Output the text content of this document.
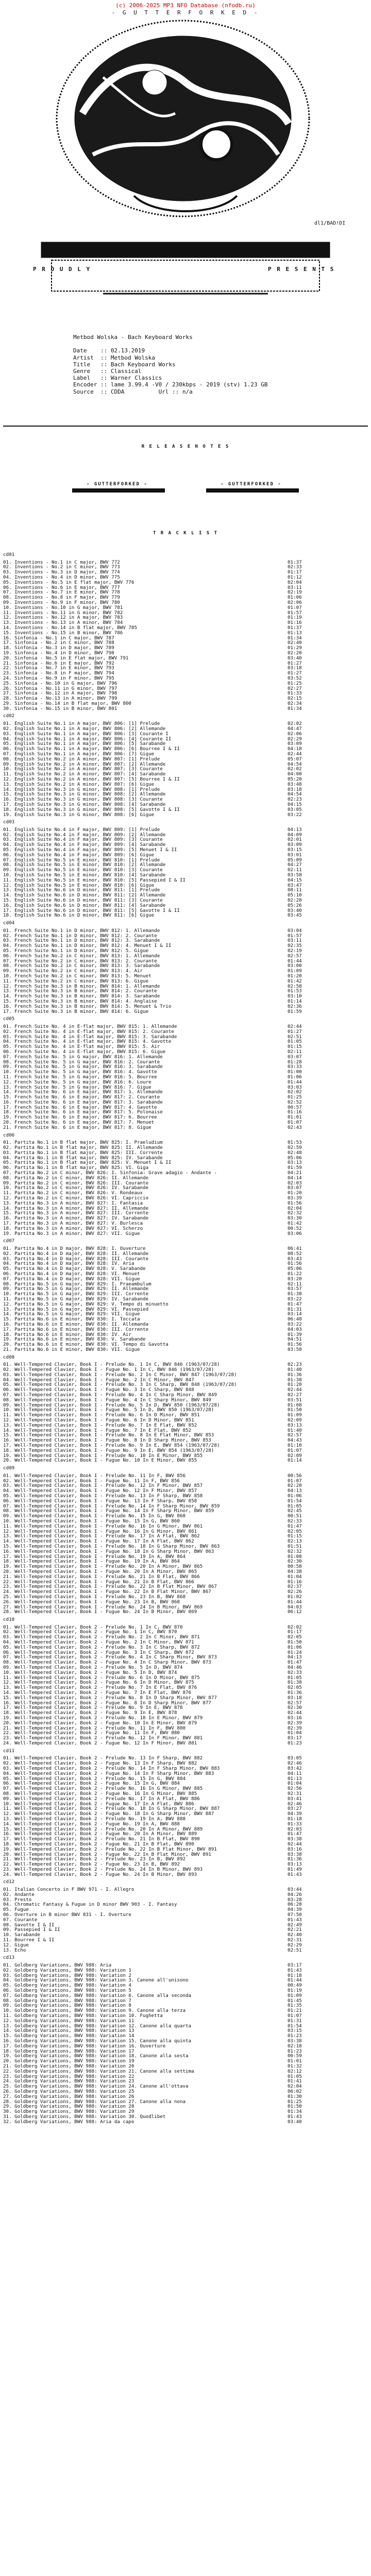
(c) 2006-2025 MP3 NFO Database (nfodb.ru)
- G U T T E R F O R K E D -
dl1/BAD!DI
P R O U D L Y	P R E S E N T S
Metbod Wolska - Bach Keyboard Works

Date    :: 02.13.2019
Artist  :: Metbod Wolska
Title   :: Bach Keyboard Works
Genre   :: Classical
Label   :: Warner Classics
Encoder :: lame 3.99.4 -V0 / 230kbps - 2019 (stv) 1.23 GB
Source  :: CDDA          Url :: n/a
R E L E A S E N O T E S
- GUTTERFORKED -	- GUTTERFORKED -
T R A C K L I S T
cd01
01. Inventions - No.1 in C major, BWV 772	01:37
02. Inventions - No.2 in C minor, BWV 773	02:33
03. Inventions - No.3 in D major, BWV 774	01:17
04. Inventions - No.4 in D minor, BWV 775	01:12
05. Inventions - No.5 in E flat major, BWV 776	02:04
06. Inventions - No.6 in E major, BWV 777	03:11
07. Inventions - No.7 in E minor, BWV 778	02:19
08. Inventions - No.8 in F major, BWV 779	01:06
09. Inventions - No.9 in F minor, BWV 780	02:06
10. Inventions - No.10 in G major, BWV 781	01:07
11. Inventions - No.11 in G minor, BWV 782	01:57
12. Inventions - No.12 in A major, BWV 783	01:19
13. Inventions - No.13 in A minor, BWV 784	01:16
14. Inventions - No.14 in B flat major, BWV 785	01:37
15. Inventions - No.15 in B minor, BWV 786	01:13
16. Sinfonia - No.1 in C major, BWV 787	01:34
17. Sinfonia - No.2 in C minor, BWV 788	02:40
18. Sinfonia - No.3 in D major, BWV 789	01:29
19. Sinfonia - No.4 in D minor, BWV 790	02:20
20. Sinfonia - No.5 in E flat major, BWV 791	03:40
21. Sinfonia - No.6 in E major, BWV 792	01:27
22. Sinfonia - No.7 in E minor, BWV 793	03:18
23. Sinfonia - No.8 in F major, BWV 794	01:27
24. Sinfonia - No.9 in F minor, BWV 795	03:52
25. Sinfonia - No.10 in G major, BWV 796	01:25
26. Sinfonia - No.11 in G minor, BWV 797	02:27
27. Sinfonia - No.12 in A major, BWV 798	01:33
28. Sinfonia - No.13 in A minor, BWV 799	02:15
29. Sinfonia - No.14 in B flat major, BWV 800	02:34
30. Sinfonia - No.15 in B minor, BWV 801	01:34
cd02
01. English Suite No.1 in A major, BWV 806: [1] Prelude	02:02
02. English Suite No.1 in A major, BWV 806: [2] Allemande	04:47
03. English Suite No.1 in A major, BWV 806: [3] Courante I	02:06
04. English Suite No.1 in A major, BWV 806: [4] Courante II	02:29
05. English Suite No.1 in A major, BWV 806: [5] Sarabande	03:09
06. English Suite No.1 in A major, BWV 806: [6] Bourree I & II	04:18
07. English Suite No.1 in A major, BWV 806: [7] Gigue	02:44
08. English Suite No.2 in A minor, BWV 807: [1] Prelude	05:07
09. English Suite No.2 in A minor, BWV 807: [2] Allemande	04:54
10. English Suite No.2 in A minor, BWV 807: [3] Courante	02:02
11. English Suite No.2 in A minor, BWV 807: [4] Sarabande	04:00
12. English Suite No.2 in A minor, BWV 807: [5] Bourree I & II	05:20
13. English Suite No.2 in A minor, BWV 807: [6] Gigue	03:48
14. English Suite No.3 in G minor, BWV 808: [1] Prelude	03:18
15. English Suite No.3 in G minor, BWV 808: [2] Allemande	04:54
16. English Suite No.3 in G minor, BWV 808: [3] Courante	02:23
17. English Suite No.3 in G minor, BWV 808: [4] Sarabande	04:15
18. English Suite No.3 in G minor, BWV 808: [5] Gavotte I & II	03:05
19. English Suite No.3 in G minor, BWV 808: [6] Gigue	03:22
cd03
01. English Suite No.4 in F major, BWV 809: [1] Prelude	04:13
02. English Suite No.4 in F major, BWV 809: [2] Allemande	04:09
03. English Suite No.4 in F major, BWV 809: [3] Courante	02:01
04. English Suite No.4 in F major, BWV 809: [4] Sarabande	03:09
05. English Suite No.4 in F major, BWV 809: [5] Menuet I & II	03:15
06. English Suite No.4 in F major, BWV 809: [6] Gigue	03:01
07. English Suite No.5 in E minor, BWV 810: [1] Prelude	05:09
08. English Suite No.5 in E minor, BWV 810: [2] Allemande	04:27
09. English Suite No.5 in E minor, BWV 810: [3] Courante	02:11
10. English Suite No.5 in E minor, BWV 810: [4] Sarabande	03:58
11. English Suite No.5 in E minor, BWV 810: [5] Passepied I & II	04:15
12. English Suite No.5 in E minor, BWV 810: [6] Gigue	03:47
13. English Suite No.6 in D minor, BWV 811: [1] Prelude	08:11
14. English Suite No.6 in D minor, BWV 811: [2] Allemande	05:10
15. English Suite No.6 in D minor, BWV 811: [3] Courante	02:28
16. English Suite No.6 in D minor, BWV 811: [4] Sarabande	05:26
17. English Suite No.6 in D minor, BWV 811: [5] Gavotte I & II	03:40
18. English Suite No.6 in D minor, BWV 811: [6] Gigue	03:45
cd04
01. French Suite No.1 in D minor, BWV 812: 1. Allemande	03:04
02. French Suite No.1 in D minor, BWV 812: 2. Courante	01:57
03. French Suite No.1 in D minor, BWV 812: 3. Sarabande	03:11
04. French Suite No.1 in D minor, BWV 812: 4. Menuet I & II	02:35
05. French Suite No.1 in D minor, BWV 812: 5. Gigue	02:19
06. French Suite No.2 in C minor, BWV 813: 1. Allemande	02:57
07. French Suite No.2 in C minor, BWV 813: 2. Courante	01:44
08. French Suite No.2 in C minor, BWV 813: 3. Sarabande	03:00
09. French Suite No.2 in C minor, BWV 813: 4. Air	01:09
10. French Suite No.2 in C minor, BWV 813: 5. Menuet	01:20
11. French Suite No.2 in C minor, BWV 813: 6. Gigue	01:42
12. French Suite No.3 in B minor, BWV 814: 1. Allemande	02:58
13. French Suite No.3 in B minor, BWV 814: 2. Courante	01:53
14. French Suite No.3 in B minor, BWV 814: 3. Sarabande	03:10
15. French Suite No.3 in B minor, BWV 814: 4. Anglaise	01:14
16. French Suite No.3 in B minor, BWV 814: 5. Menuet & Trio	02:36
17. French Suite No.3 in B minor, BWV 814: 6. Gigue	01:59
cd05
01. French Suite No. 4 in E-flat major, BWV 815: 1. Allemande	02:44
02. French Suite No. 4 in E-flat major, BWV 815: 2. Courante	01:27
03. French Suite No. 4 in E-flat major, BWV 815: 3. Sarabande	02:51
04. French Suite No. 4 in E-flat major, BWV 815: 4. Gavotte	01:05
05. French Suite No. 4 in E-flat major, BWV 815: 5. Air	01:15
06. French Suite No. 4 in E-flat major, BWV 815: 6. Gigue	02:11
07. French Suite No. 5 in G major, BWV 816: 1. Allemande	03:07
08. French Suite No. 5 in G major, BWV 816: 2. Courante	01:28
09. French Suite No. 5 in G major, BWV 816: 3. Sarabande	03:33
10. French Suite No. 5 in G major, BWV 816: 4. Gavotte	01:00
11. French Suite No. 5 in G major, BWV 816: 5. Bourree	01:06
12. French Suite No. 5 in G major, BWV 816: 6. Loure	01:44
13. French Suite No. 5 in G major, BWV 816: 7. Gigue	03:03
14. French Suite No. 6 in E major, BWV 817: 1. Allemande	02:02
15. French Suite No. 6 in E major, BWV 817: 2. Courante	01:25
16. French Suite No. 6 in E major, BWV 817: 3. Sarabande	02:52
17. French Suite No. 6 in E major, BWV 817: 4. Gavotte	00:57
18. French Suite No. 6 in E major, BWV 817: 5. Polonaise	01:16
19. French Suite No. 6 in E major, BWV 817: 6. Bourree	01:01
20. French Suite No. 6 in E major, BWV 817: 7. Menuet	01:07
21. French Suite No. 6 in E major, BWV 817: 8. Gigue	02:43
cd06
01. Partita No.1 in B flat major, BWV 825: I. Praeludium	01:53
02. Partita No.1 in B flat major, BWV 825: II. Allemande	02:59
03. Partita No.1 in B flat major, BWV 825: III. Corrente	02:48
04. Partita No.1 in B flat major, BWV 825: IV. Sarabande	05:06
05. Partita No.1 in B flat major, BWV 825: V. Menuet I & II	03:13
06. Partita No.1 in B flat major, BWV 825: VI. Giga	01:59
07. Partita No.2 in C minor, BWV 826: I. Sinfonia: Grave adagio - Andante -	04:21
08. Partita No.2 in C minor, BWV 826: II. Allemande	04:14
09. Partita No.2 in C minor, BWV 826: III. Courante	02:03
10. Partita No.2 in C minor, BWV 826: IV. Sarabande	03:07
11. Partita No.2 in C minor, BWV 826: V. Rondeaux	01:20
12. Partita No.2 in C minor, BWV 826: VI. Capriccio	03:39
13. Partita No.3 in A minor, BWV 827: I. Fantasia	01:56
14. Partita No.3 in A minor, BWV 827: II. Allemande	02:04
15. Partita No.3 in A minor, BWV 827: III. Corrente	02:32
16. Partita No.3 in A minor, BWV 827: IV. Sarabande	03:30
17. Partita No.3 in A minor, BWV 827: V. Burlesca	01:42
18. Partita No.3 in A minor, BWV 827: VI. Scherzo	00:52
19. Partita No.3 in A minor, BWV 827: VII. Gigue	03:06
cd07
01. Partita No.4 in D major, BWV 828: I. Ouverture	06:41
02. Partita No.4 in D major, BWV 828: II. Allemande	08:52
03. Partita No.4 in D major, BWV 828: III. Courante	03:43
04. Partita No.4 in D major, BWV 828: IV. Aria	01:56
05. Partita No.4 in D major, BWV 828: V. Sarabande	05:06
06. Partita No.4 in D major, BWV 828: VI. Menuet	01:22
07. Partita No.4 in D major, BWV 828: VII. Gigue	03:20
08. Partita No.5 in G major, BWV 829: I. Praeambulum	02:11
09. Partita No.5 in G major, BWV 829: II. Allemande	03:57
10. Partita No.5 in G major, BWV 829: III. Corrente	01:38
11. Partita No.5 in G major, BWV 829: IV. Sarabande	03:22
12. Partita No.5 in G major, BWV 829: V. Tempo di minuetto	01:47
13. Partita No.5 in G major, BWV 829: VI. Passepied	01:31
14. Partita No.5 in G major, BWV 829: VII. Gigue	03:14
15. Partita No.6 in E minor, BWV 830: I. Toccata	06:48
16. Partita No.6 in E minor, BWV 830: II. Allemanda	03:22
17. Partita No.6 in E minor, BWV 830: III. Corrente	04:03
18. Partita No.6 in E minor, BWV 830: IV. Air	01:39
19. Partita No.6 in E minor, BWV 830: V. Sarabande	04:51
20. Partita No.6 in E minor, BWV 830: VI. Tempo di Gavotta	01:56
21. Partita No.6 in E minor, BWV 830: VII. Gigue	03:58
cd08
01. Well-Tempered Clavier, Book I - Prelude No. 1 In C, BWV 846 (1963/07/28)	02:23
02. Well-Tempered Clavier, Book I - Fugue No. 1 In C, BWV 846 (1963/07/28)	01:40
03. Well-Tempered Clavier, Book I - Prelude No. 2 In C Minor, BWV 847 (1963/07/28)	01:36
04. Well-Tempered Clavier, Book I - Fugue No. 2 In C Minor, BWV 847	01:38
05. Well-Tempered Clavier, Book I - Prelude No. 3 In C Sharp, BWV 848 (1963/07/28)	01:20
06. Well-Tempered Clavier, Book I - Fugue No. 3 In C Sharp, BWV 848	02:44
07. Well-Tempered Clavier, Book I - Prelude No. 4 In C Sharp Minor, BWV 849	02:27
08. Well-Tempered Clavier, Book I - Fugue No. 4 In C Sharp Minor, BWV 849	03:51
09. Well-Tempered Clavier, Book I - Prelude No. 5 In D, BWV 850 (1963/07/28)	01:08
10. Well-Tempered Clavier, Book I - Fugue No. 5 In D, BWV 850 (1963/07/28)	01:50
11. Well-Tempered Clavier, Book I - Prelude No. 6 In D Minor, BWV 851	01:09
12. Well-Tempered Clavier, Book I - Fugue No. 6 In D Minor, BWV 851	02:09
13. Well-Tempered Clavier, Book I - Prelude No. 7 In E Flat, BWV 852	03:13
14. Well-Tempered Clavier, Book I - Fugue No. 7 In E Flat, BWV 852	01:40
15. Well-Tempered Clavier, Book I - Prelude No. 8 In E Flat Minor, BWV 853	02:57
16. Well-Tempered Clavier, Book I - Fugue No. 8 In D Sharp Minor, BWV 853	04:43
17. Well-Tempered Clavier, Book I - Prelude No. 9 In E, BWV 854 (1963/07/28)	01:10
18. Well-Tempered Clavier, Book I - Fugue No. 9 In E, BWV 854 (1963/07/28)	01:07
19. Well-Tempered Clavier, Book I - Prelude No. 10 In E Minor, BWV 855	02:09
20. Well-Tempered Clavier, Book I - Fugue No. 10 In E Minor, BWV 855	01:14
cd09
01. Well-Tempered Clavier, Book I - Prelude No. 11 In F, BWV 856	00:56
02. Well-Tempered Clavier, Book I - Fugue No. 11 In F, BWV 856	01:07
03. Well-Tempered Clavier, Book I - Prelude No. 12 In F Minor, BWV 857	02:20
04. Well-Tempered Clavier, Book I - Fugue No. 12 In F Minor, BWV 857	04:13
05. Well-Tempered Clavier, Book I - Prelude No. 13 In F Sharp, BWV 858	01:06
06. Well-Tempered Clavier, Book I - Fugue No. 13 In F Sharp, BWV 858	01:54
07. Well-Tempered Clavier, Book I - Prelude No. 14 In F Sharp Minor, BWV 859	01:05
08. Well-Tempered Clavier, Book I - Fugue No. 14 In F Sharp Minor, BWV 859	02:45
09. Well-Tempered Clavier, Book I - Prelude No. 15 In G, BWV 860	00:51
10. Well-Tempered Clavier, Book I - Fugue No. 15 In G, BWV 860	02:33
11. Well-Tempered Clavier, Book I - Prelude No. 16 In G Minor, BWV 861	01:47
12. Well-Tempered Clavier, Book I - Fugue No. 16 In G Minor, BWV 861	02:05
13. Well-Tempered Clavier, Book I - Prelude No. 17 In A Flat, BWV 862	01:15
14. Well-Tempered Clavier, Book I - Fugue No. 17 In A Flat, BWV 862	02:13
15. Well-Tempered Clavier, Book I - Prelude No. 18 In G Sharp Minor, BWV 863	01:51
16. Well-Tempered Clavier, Book I - Fugue No. 18 In G Sharp Minor, BWV 863	02:32
17. Well-Tempered Clavier, Book I - Prelude No. 19 In A, BWV 864	01:08
18. Well-Tempered Clavier, Book I - Fugue No. 19 In A, BWV 864	02:30
19. Well-Tempered Clavier, Book I - Prelude No. 20 In A Minor, BWV 865	00:58
20. Well-Tempered Clavier, Book I - Fugue No. 20 In A Minor, BWV 865	04:38
21. Well-Tempered Clavier, Book I - Prelude No. 21 In B Flat, BWV 866	01:04
22. Well-Tempered Clavier, Book I - Fugue No. 21 In B Flat, BWV 866	01:16
23. Well-Tempered Clavier, Book I - Prelude No. 22 In B Flat Minor, BWV 867	02:37
24. Well-Tempered Clavier, Book I - Fugue No. 22 In B Flat Minor, BWV 867	02:26
25. Well-Tempered Clavier, Book I - Prelude No. 23 In B, BWV 868	01:02
26. Well-Tempered Clavier, Book I - Fugue No. 23 In B, BWV 868	01:44
27. Well-Tempered Clavier, Book I - Prelude No. 24 In B Minor, BWV 869	04:03
28. Well-Tempered Clavier, Book I - Fugue No. 24 In B Minor, BWV 869	06:12
cd10
01. Well-Tempered Clavier, Book 2 - Prelude No. 1 In C, BWV 870	02:02
02. Well-Tempered Clavier, Book 2 - Fugue No. 1 In C, BWV 870	01:17
03. Well-Tempered Clavier, Book 2 - Prelude No. 2 In C Minor, BWV 871	02:05
04. Well-Tempered Clavier, Book 2 - Fugue No. 2 In C Minor, BWV 871	01:50
05. Well-Tempered Clavier, Book 2 - Prelude No. 3 In C Sharp, BWV 872	01:06
06. Well-Tempered Clavier, Book 2 - Fugue No. 3 In C Sharp, BWV 872	01:24
07. Well-Tempered Clavier, Book 2 - Prelude No. 4 In C Sharp Minor, BWV 873	04:13
08. Well-Tempered Clavier, Book 2 - Fugue No. 4 In C Sharp Minor, BWV 873	01:47
09. Well-Tempered Clavier, Book 2 - Prelude No. 5 In D, BWV 874	04:46
10. Well-Tempered Clavier, Book 2 - Fugue No. 5 In D, BWV 874	02:33
11. Well-Tempered Clavier, Book 2 - Prelude No. 6 In D Minor, BWV 875	01:05
12. Well-Tempered Clavier, Book 2 - Fugue No. 6 In D Minor, BWV 875	01:38
13. Well-Tempered Clavier, Book 2 - Prelude No. 7 In E Flat, BWV 876	02:05
14. Well-Tempered Clavier, Book 2 - Fugue No. 7 In E Flat, BWV 876	01:36
15. Well-Tempered Clavier, Book 2 - Prelude No. 8 In D Sharp Minor, BWV 877	03:18
16. Well-Tempered Clavier, Book 2 - Fugue No. 8 In D Sharp Minor, BWV 877	02:57
17. Well-Tempered Clavier, Book 2 - Prelude No. 9 In E, BWV 878	02:30
18. Well-Tempered Clavier, Book 2 - Fugue No. 9 In E, BWV 878	02:44
19. Well-Tempered Clavier, Book 2 - Prelude No. 10 In E Minor, BWV 879	03:16
20. Well-Tempered Clavier, Book 2 - Fugue No. 10 In E Minor, BWV 879	02:39
21. Well-Tempered Clavier, Book 2 - Prelude No. 11 In F, BWV 880	02:39
22. Well-Tempered Clavier, Book 2 - Fugue No. 11 In F, BWV 880	01:04
23. Well-Tempered Clavier, Book 2 - Prelude No. 12 In F Minor, BWV 881	03:17
24. Well-Tempered Clavier, Book 2 - Fugue No. 12 In F Minor, BWV 881	01:23
cd11
01. Well-Tempered Clavier, Book 2 - Prelude No. 13 In F Sharp, BWV 882	03:05
02. Well-Tempered Clavier, Book 2 - Fugue No. 13 In F Sharp, BWV 882	02:46
03. Well-Tempered Clavier, Book 2 - Prelude No. 14 In F Sharp Minor, BWV 883	03:42
04. Well-Tempered Clavier, Book 2 - Fugue No. 14 In F Sharp Minor, BWV 883	04:11
05. Well-Tempered Clavier, Book 2 - Prelude No. 15 In G, BWV 884	01:13
06. Well-Tempered Clavier, Book 2 - Fugue No. 15 In G, BWV 884	01:04
07. Well-Tempered Clavier, Book 2 - Prelude No. 16 In G Minor, BWV 885	02:56
08. Well-Tempered Clavier, Book 2 - Fugue No. 16 In G Minor, BWV 885	02:31
09. Well-Tempered Clavier, Book 2 - Prelude No. 17 In A Flat, BWV 886	03:41
10. Well-Tempered Clavier, Book 2 - Fugue No. 17 In A Flat, BWV 886	02:46
11. Well-Tempered Clavier, Book 2 - Prelude No. 18 In G Sharp Minor, BWV 887	03:27
12. Well-Tempered Clavier, Book 2 - Fugue No. 18 In G Sharp Minor, BWV 887	04:39
13. Well-Tempered Clavier, Book 2 - Prelude No. 19 In A, BWV 888	01:18
14. Well-Tempered Clavier, Book 2 - Fugue No. 19 In A, BWV 888	01:33
15. Well-Tempered Clavier, Book 2 - Prelude No. 20 In A Minor, BWV 889	02:03
16. Well-Tempered Clavier, Book 2 - Fugue No. 20 In A Minor, BWV 889	01:47
17. Well-Tempered Clavier, Book 2 - Prelude No. 21 In B Flat, BWV 890	03:38
18. Well-Tempered Clavier, Book 2 - Fugue No. 21 In B Flat, BWV 890	02:44
19. Well-Tempered Clavier, Book 2 - Prelude No. 22 In B Flat Minor, BWV 891	03:16
20. Well-Tempered Clavier, Book 2 - Fugue No. 22 In B Flat Minor, BWV 891	03:38
21. Well-Tempered Clavier, Book 2 - Prelude No. 23 In B, BWV 892	01:36
22. Well-Tempered Clavier, Book 2 - Fugue No. 23 In B, BWV 892	03:13
23. Well-Tempered Clavier, Book 2 - Prelude No. 24 In B Minor, BWV 893	01:49
24. Well-Tempered Clavier, Book 2 - Fugue No. 24 In B Minor, BWV 893	01:43
cd12
01. Italian Concerto in F BWV 971 - I. Allegro	03:44
02. Andante	04:26
03. Presto	03:28
04. Chromatic Fantasy & Fugue in D minor BWV 903 - I. Fantasy	06:28
05. Fugue	04:39
06. Overture in B minor BWV 831 - I. Overture	07:50
07. Courante	01:43
08. Gavotte I & II	02:49
09. Passepied I & II	02:21
10. Sarabande	02:40
11. Bourree I & II	02:31
12. Gigue	02:29
13. Echo	02:51
cd13
01. Goldberg Variations, BWV 988: Aria	03:17
02. Goldberg Variations, BWV 988: Variation 1	01:43
03. Goldberg Variations, BWV 988: Variation 2	01:18
04. Goldberg Variations, BWV 988: Variation 3. Canone all'unisono	01:44
05. Goldberg Variations, BWV 988: Variation 4	00:49
06. Goldberg Variations, BWV 988: Variation 5	01:19
07. Goldberg Variations, BWV 988: Variation 6. Canone alla seconda	01:09
08. Goldberg Variations, BWV 988: Variation 7	01:45
09. Goldberg Variations, BWV 988: Variation 8	01:35
10. Goldberg Variations, BWV 988: Variation 9. Canone alla terza	01:21
11. Goldberg Variations, BWV 988: Variation 10. Fughetta	01:07
12. Goldberg Variations, BWV 988: Variation 11	01:31
13. Goldberg Variations, BWV 988: Variation 12. Canone alla quarta	01:54
14. Goldberg Variations, BWV 988: Variation 13	03:15
15. Goldberg Variations, BWV 988: Variation 14	01:23
16. Goldberg Variations, BWV 988: Variation 15. Canone alla quinta	03:38
17. Goldberg Variations, BWV 988: Variation 16. Ouverture	02:18
18. Goldberg Variations, BWV 988: Variation 17	01:23
19. Goldberg Variations, BWV 988: Variation 18. Canone alla sesta	00:59
20. Goldberg Variations, BWV 988: Variation 19	01:01
21. Goldberg Variations, BWV 988: Variation 20	01:32
22. Goldberg Variations, BWV 988: Variation 21. Canone alla settima	02:12
23. Goldberg Variations, BWV 988: Variation 22	01:05
24. Goldberg Variations, BWV 988: Variation 23	01:41
25. Goldberg Variations, BWV 988: Variation 24. Canone all'ottava	02:04
26. Goldberg Variations, BWV 988: Variation 25	06:02
27. Goldberg Variations, BWV 988: Variation 26	01:30
28. Goldberg Variations, BWV 988: Variation 27. Canone alla nona	01:25
29. Goldberg Variations, BWV 988: Variation 28	01:50
30. Goldberg Variations, BWV 988: Variation 29	01:34
31. Goldberg Variations, BWV 988: Variation 30. Quodlibet	01:43
32. Goldberg Variations, BWV 988: Aria da capo	03:40
